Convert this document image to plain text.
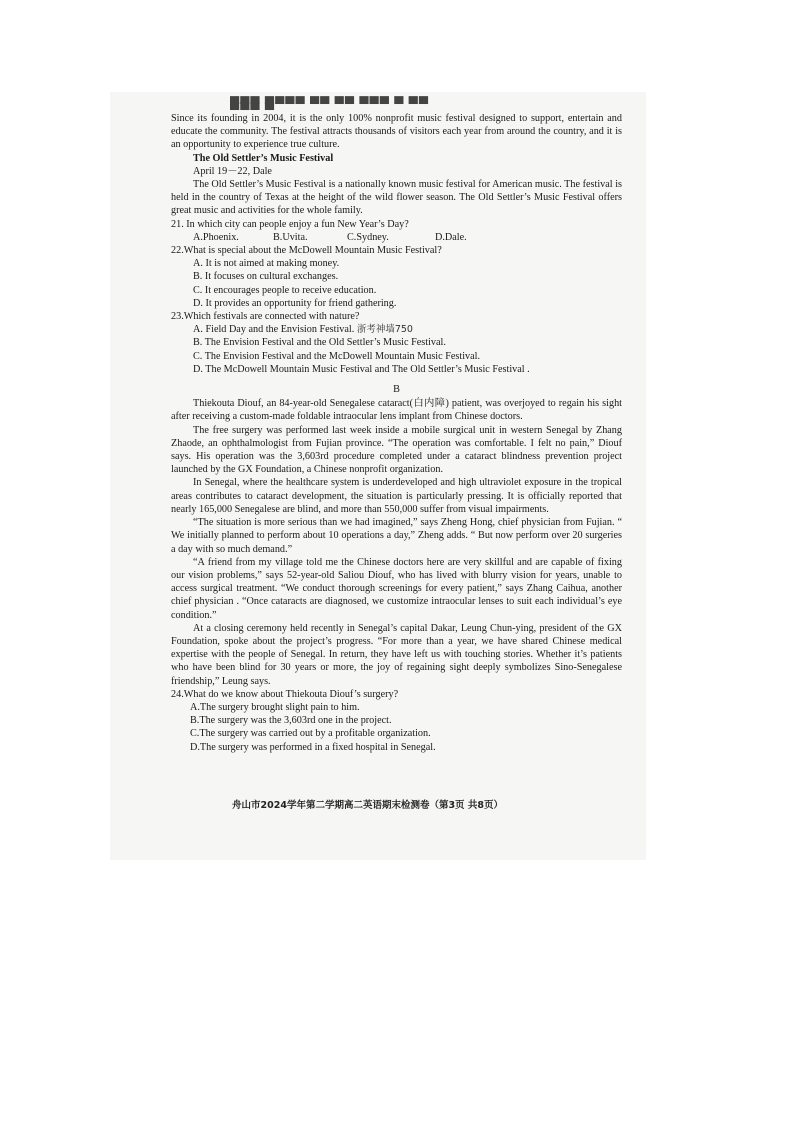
▀▀▀ ▀▀▀▀ ▀▀ ▀▀ ▀▀▀ ▀ ▀▀ ▀▀▀ ▀

Since its founding in 2004, it is the only 100% nonprofit music festival designed to support, entertain and educate the community. The festival attracts thousands of visitors each year from around the country, and it is an opportunity to experience true culture.

The Old Settler’s Music Festival

April 19－22, Dale

The Old Settler’s Music Festival is a nationally known music festival for American music. The festival is held in the country of Texas at the height of the wild flower season. The Old Settler’s Music Festival offers great music and activities for the whole family.

21. In which city can people enjoy a fun New Year’s Day?

A.Phoenix.	B.Uvita.	C.Sydney.	D.Dale.

22.What is special about the McDowell Mountain Music Festival?

A. It is not aimed at making money.

B. It focuses on cultural exchanges.

C. It encourages people to receive education.

D. It provides an opportunity for friend gathering.

23.Which festivals are connected with nature?

A. Field Day and the Envision Festival. 浙考神墙750

B. The Envision Festival and the Old Settler’s Music Festival.

C. The Envision Festival and the McDowell Mountain Music Festival.

D. The McDowell Mountain Music Festival and The Old Settler’s Music Festival .

B

Thiekouta Diouf, an 84-year-old Senegalese cataract(白内障) patient, was overjoyed to regain his sight after receiving a custom-made foldable intraocular lens implant from Chinese doctors.

The free surgery was performed last week inside a mobile surgical unit in western Senegal by Zhang Zhaode, an ophthalmologist from Fujian province. “The operation was comfortable. I felt no pain,” Diouf says. His operation was the 3,603rd procedure completed under a cataract blindness prevention project launched by the GX Foundation, a Chinese nonprofit organization.

In Senegal, where the healthcare system is underdeveloped and high ultraviolet exposure in the tropical areas contributes to cataract development, the situation is particularly pressing. It is officially reported that nearly 165,000 Senegalese are blind, and more than 550,000 suffer from visual impairments.

“The situation is more serious than we had imagined,” says Zheng Hong, chief physician from Fujian. “ We initially planned to perform about 10 operations a day,” Zheng adds. “ But now perform over 20 surgeries a day with so much demand.”

“A friend from my village told me the Chinese doctors here are very skillful and are capable of fixing our vision problems,” says 52-year-old Saliou Diouf, who has lived with blurry vision for years, unable to access surgical treatment. “We conduct thorough screenings for every patient,” says Zhang Caihua, another chief physician . “Once cataracts are diagnosed, we customize intraocular lenses to suit each individual’s eye condition.”

At a closing ceremony held recently in Senegal’s capital Dakar, Leung Chun-ying, president of the GX Foundation, spoke about the project’s progress. “For more than a year, we have shared Chinese medical expertise with the people of Senegal. In return, they have left us with touching stories. Whether it’s patients who have been blind for 30 years or more, the joy of regaining sight deeply symbolizes Sino-Senegalese friendship,” Leung says.

24.What do we know about Thiekouta Diouf’s surgery?

A.The surgery brought slight pain to him.

B.The surgery was the 3,603rd one in the project.

C.The surgery was carried out by a profitable organization.

D.The surgery was performed in a fixed hospital in Senegal.

舟山市2024学年第二学期高二英语期末检测卷（第3页 共8页）
